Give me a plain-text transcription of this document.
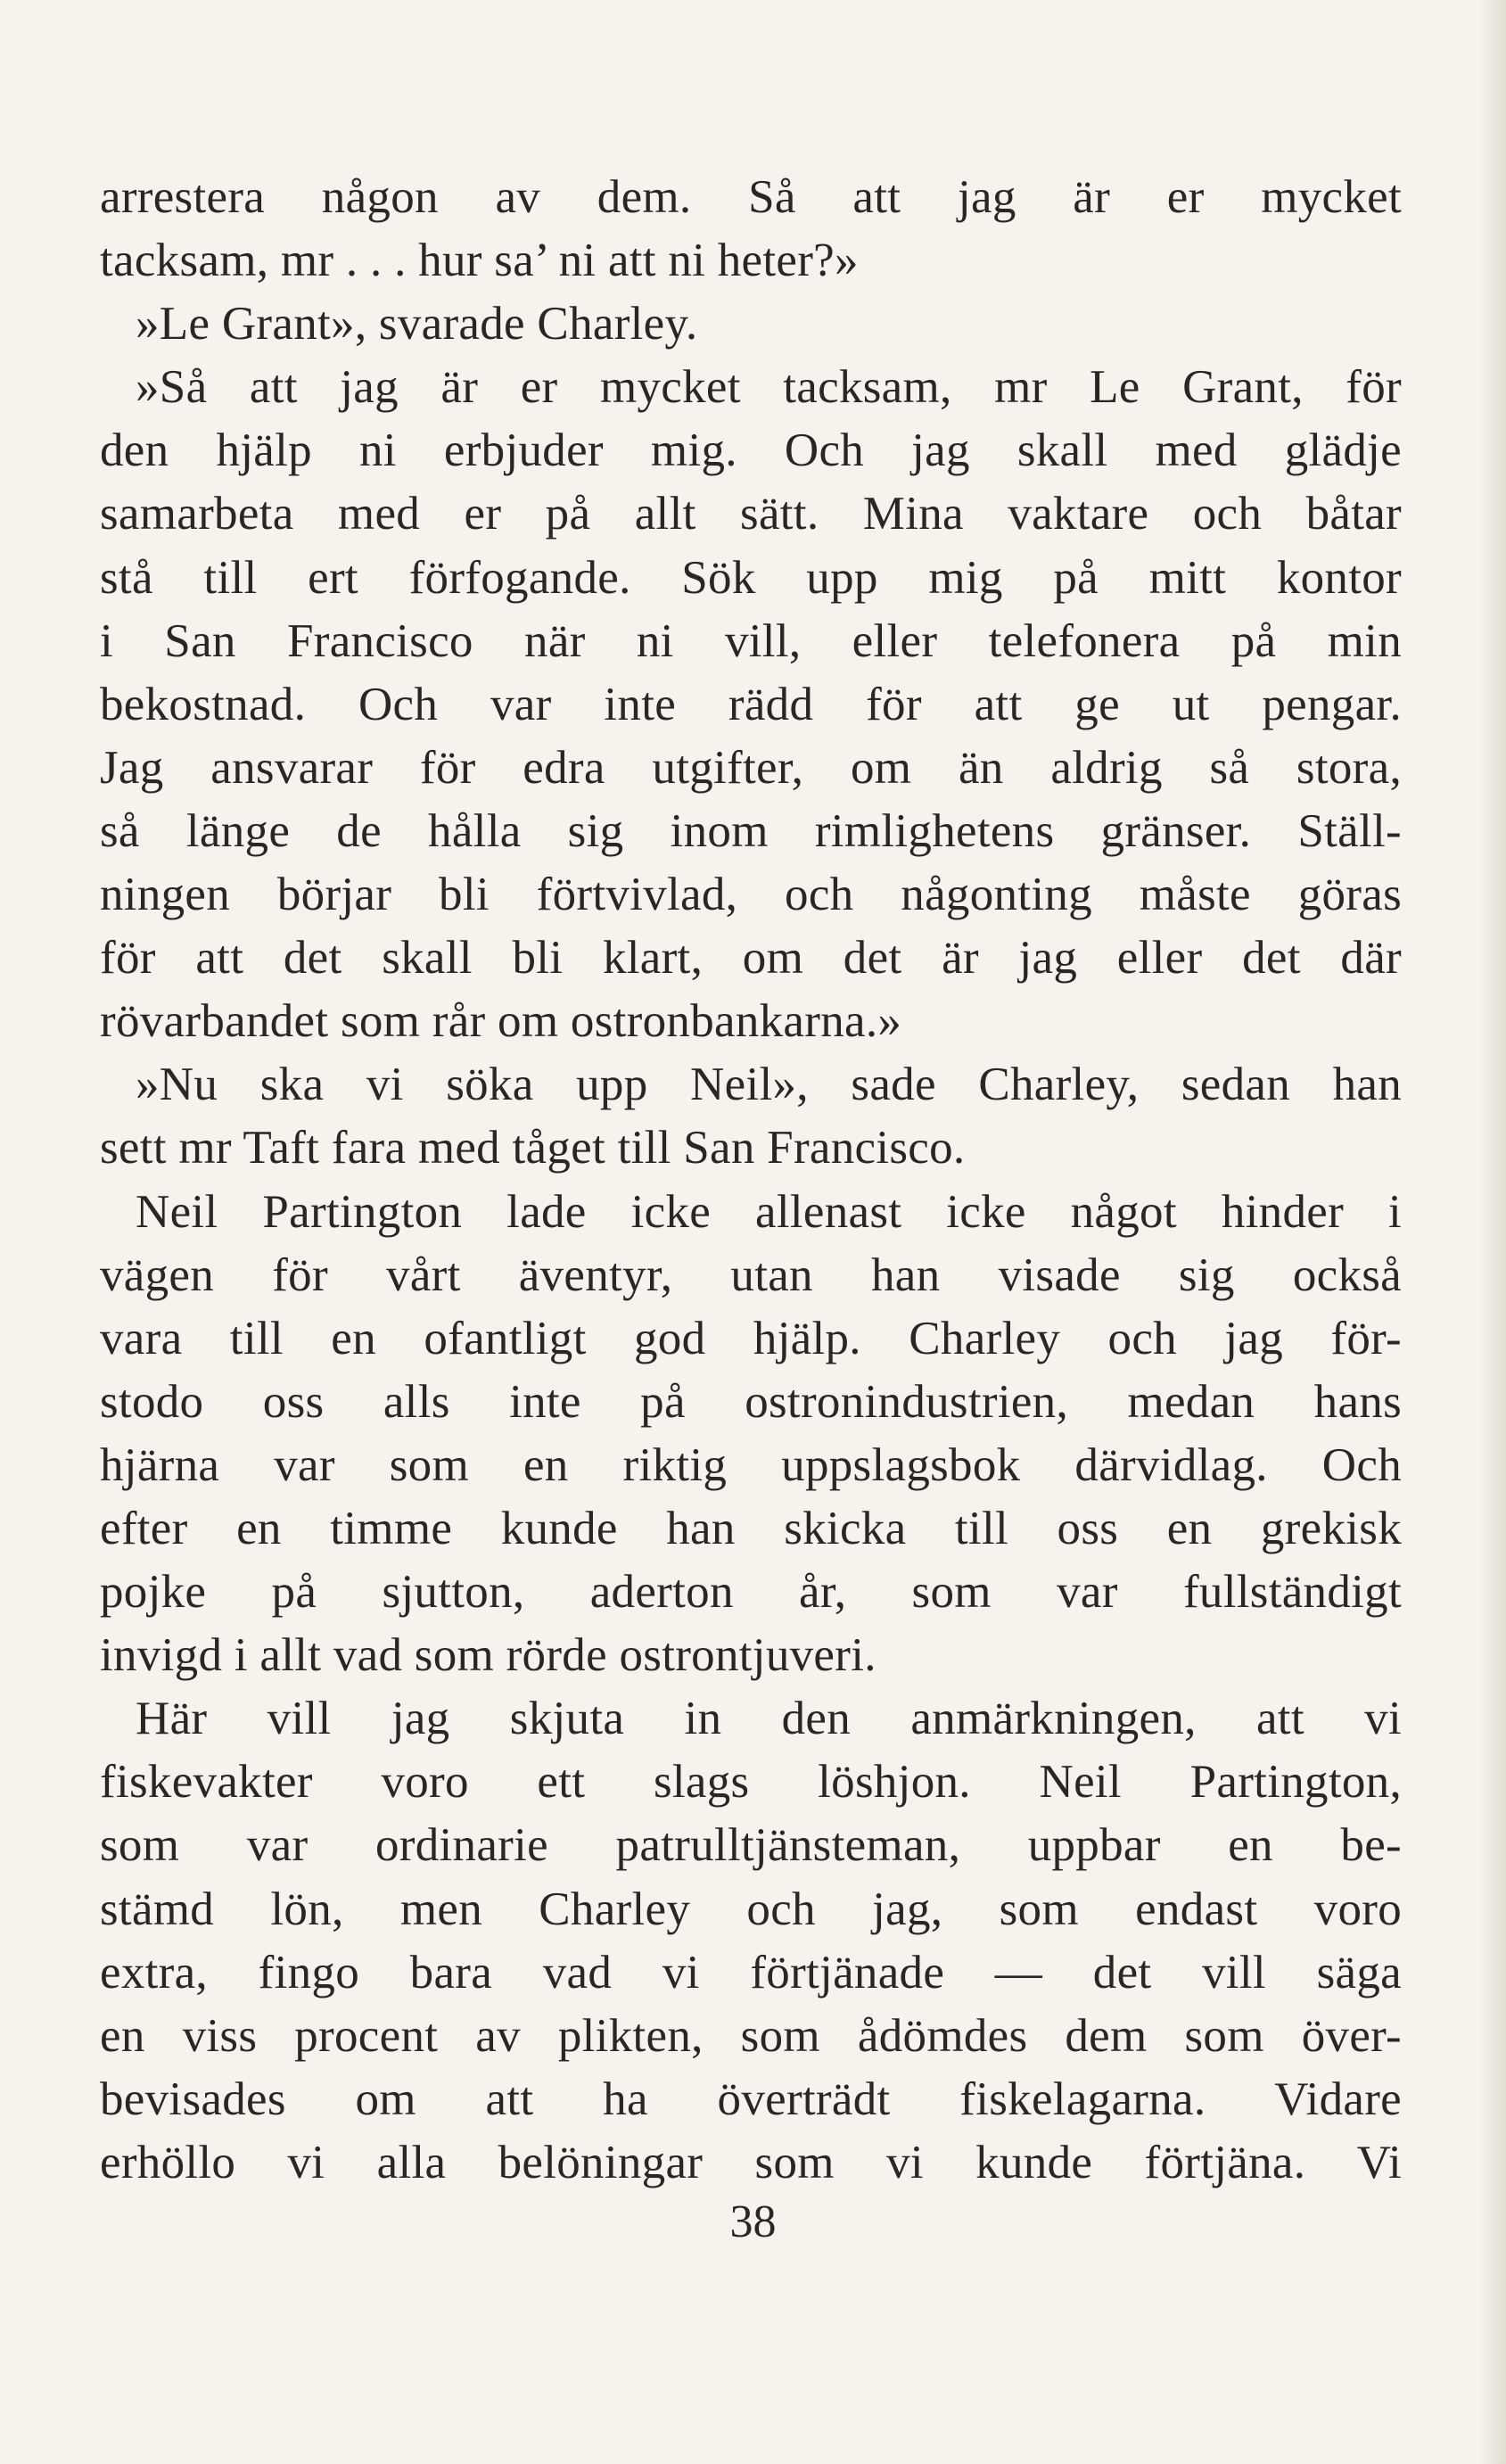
arrestera någon av dem. Så att jag är er mycket
tacksam, mr . . . hur sa’ ni att ni heter?»
»Le Grant», svarade Charley.
»Så att jag är er mycket tacksam, mr Le Grant, för
den hjälp ni erbjuder mig. Och jag skall med glädje
samarbeta med er på allt sätt. Mina vaktare och båtar
stå till ert förfogande. Sök upp mig på mitt kontor
i San Francisco när ni vill, eller telefonera på min
bekostnad. Och var inte rädd för att ge ut pengar.
Jag ansvarar för edra utgifter, om än aldrig så stora,
så länge de hålla sig inom rimlighetens gränser. Ställ-
ningen börjar bli förtvivlad, och någonting måste göras
för att det skall bli klart, om det är jag eller det där
rövarbandet som rår om ostronbankarna.»
»Nu ska vi söka upp Neil», sade Charley, sedan han
sett mr Taft fara med tåget till San Francisco.
Neil Partington lade icke allenast icke något hinder i
vägen för vårt äventyr, utan han visade sig också
vara till en ofantligt god hjälp. Charley och jag för-
stodo oss alls inte på ostronindustrien, medan hans
hjärna var som en riktig uppslagsbok därvidlag. Och
efter en timme kunde han skicka till oss en grekisk
pojke på sjutton, aderton år, som var fullständigt
invigd i allt vad som rörde ostrontjuveri.
Här vill jag skjuta in den anmärkningen, att vi
fiskevakter voro ett slags löshjon. Neil Partington,
som var ordinarie patrulltjänsteman, uppbar en be-
stämd lön, men Charley och jag, som endast voro
extra, fingo bara vad vi förtjänade — det vill säga
en viss procent av plikten, som ådömdes dem som över-
bevisades om att ha överträdt fiskelagarna. Vidare
erhöllo vi alla belöningar som vi kunde förtjäna. Vi
38
